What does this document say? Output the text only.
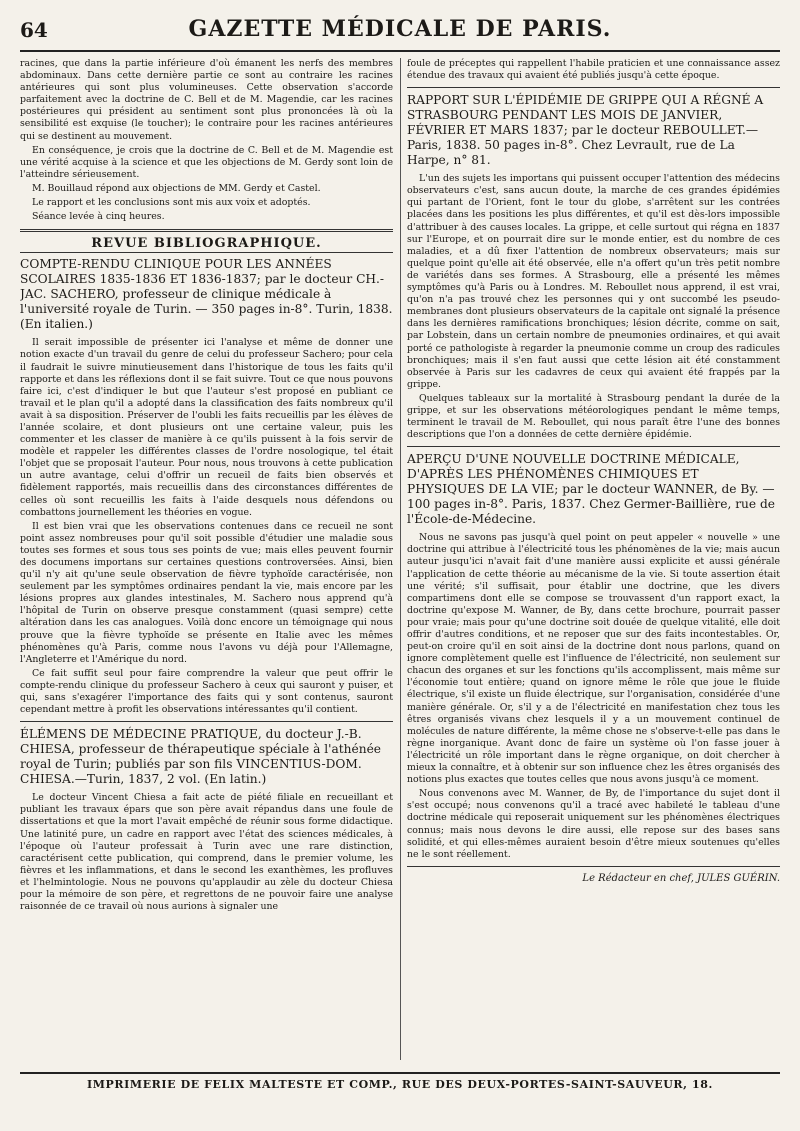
GAZETTE MÉDICALE DE PARIS.
64

racines, que dans la partie inférieure d'où émanent les nerfs des membres abdominaux. Dans cette dernière partie ce sont au contraire les racines antérieures qui sont plus volumineuses. Cette observation s'accorde parfaitement avec la doctrine de C. Bell et de M. Magendie, car les racines postérieures qui président au sentiment sont plus prononcées là où la sensibilité est exquise (le toucher); le contraire pour les racines antérieures qui se destinent au mouvement.

En conséquence, je crois que la doctrine de C. Bell et de M. Magendie est une vérité acquise à la science et que les objections de M. Gerdy sont loin de l'atteindre sérieusement.

M. Bouillaud répond aux objections de MM. Gerdy et Castel.

Le rapport et les conclusions sont mis aux voix et adoptés.

Séance levée à cinq heures.

REVUE BIBLIOGRAPHIQUE.
COMPTE-RENDU CLINIQUE POUR LES ANNÉES SCOLAIRES 1835-1836 ET 1836-1837; par le docteur CH.-JAC. SACHERO, professeur de clinique médicale à l'université royale de Turin. — 350 pages in-8°. Turin, 1838. (En italien.)

Il serait impossible de présenter ici l'analyse et même de donner une notion exacte d'un travail du genre de celui du professeur Sachero; pour cela il faudrait le suivre minutieusement dans l'historique de tous les faits qu'il rapporte et dans les réflexions dont il se fait suivre. Tout ce que nous pouvons faire ici, c'est d'indiquer le but que l'auteur s'est proposé en publiant ce travail et le plan qu'il a adopté dans la classification des faits nombreux qu'il avait à sa disposition. Préserver de l'oubli les faits recueillis par les élèves de l'année scolaire, et dont plusieurs ont une certaine valeur, puis les commenter et les classer de manière à ce qu'ils puissent à la fois servir de modèle et rappeler les différentes classes de l'ordre nosologique, tel était l'objet que se proposait l'auteur. Pour nous, nous trouvons à cette publication un autre avantage, celui d'offrir un recueil de faits bien observés et fidèlement rapportés, mais recueillis dans des circonstances différentes de celles où sont recueillis les faits à l'aide desquels nous défendons ou combattons journellement les théories en vogue.

Il est bien vrai que les observations contenues dans ce recueil ne sont point assez nombreuses pour qu'il soit possible d'étudier une maladie sous toutes ses formes et sous tous ses points de vue; mais elles peuvent fournir des documens importans sur certaines questions controversées. Ainsi, bien qu'il n'y ait qu'une seule observation de fièvre typhoïde caractérisée, non seulement par les symptômes ordinaires pendant la vie, mais encore par les lésions propres aux glandes intestinales, M. Sachero nous apprend qu'à l'hôpital de Turin on observe presque constamment (quasi sempre) cette altération dans les cas analogues. Voilà donc encore un témoignage qui nous prouve que la fièvre typhoïde se présente en Italie avec les mêmes phénomènes qu'à Paris, comme nous l'avons vu déjà pour l'Allemagne, l'Angleterre et l'Amérique du nord.

Ce fait suffit seul pour faire comprendre la valeur que peut offrir le compte-rendu clinique du professeur Sachero à ceux qui sauront y puiser, et qui, sans s'exagérer l'importance des faits qui y sont contenus, sauront cependant mettre à profit les observations intéressantes qu'il contient.

ÉLÉMENS DE MÉDECINE PRATIQUE, du docteur J.-B. CHIESA, professeur de thérapeutique spéciale à l'athénée royal de Turin; publiés par son fils VINCENTIUS-DOM. CHIESA.—Turin, 1837, 2 vol. (En latin.)

Le docteur Vincent Chiesa a fait acte de piété filiale en recueillant et publiant les travaux épars que son père avait répandus dans une foule de dissertations et que la mort l'avait empêché de réunir sous forme didactique. Une latinité pure, un cadre en rapport avec l'état des sciences médicales, à l'époque où l'auteur professait à Turin avec une rare distinction, caractérisent cette publication, qui comprend, dans le premier volume, les fièvres et les inflammations, et dans le second les exanthèmes, les profluves et l'helmintologie. Nous ne pouvons qu'applaudir au zèle du docteur Chiesa pour la mémoire de son père, et regrettons de ne pouvoir faire une analyse raisonnée de ce travail où nous aurions à signaler une

foule de préceptes qui rappellent l'habile praticien et une connaissance assez étendue des travaux qui avaient été publiés jusqu'à cette époque.

RAPPORT SUR L'ÉPIDÉMIE DE GRIPPE QUI A RÉGNÉ A STRASBOURG PENDANT LES MOIS DE JANVIER, FÉVRIER ET MARS 1837; par le docteur REBOULLET.—Paris, 1838. 50 pages in-8°. Chez Levrault, rue de La Harpe, n° 81.

L'un des sujets les importans qui puissent occuper l'attention des médecins observateurs c'est, sans aucun doute, la marche de ces grandes épidémies qui partant de l'Orient, font le tour du globe, s'arrêtent sur les contrées placées dans les positions les plus différentes, et qu'il est dès-lors impossible d'attribuer à des causes locales. La grippe, et celle surtout qui régna en 1837 sur l'Europe, et on pourrait dire sur le monde entier, est du nombre de ces maladies, et a dû fixer l'attention de nombreux observateurs; mais sur quelque point qu'elle ait été observée, elle n'a offert qu'un très petit nombre de variétés dans ses formes. A Strasbourg, elle a présenté les mêmes symptômes qu'à Paris ou à Londres. M. Reboullet nous apprend, il est vrai, qu'on n'a pas trouvé chez les personnes qui y ont succombé les pseudo-membranes dont plusieurs observateurs de la capitale ont signalé la présence dans les dernières ramifications bronchiques; lésion décrite, comme on sait, par Lobstein, dans un certain nombre de pneumonies ordinaires, et qui avait porté ce pathologiste à regarder la pneumonie comme un croup des radicules bronchiques; mais il s'en faut aussi que cette lésion ait été constamment observée à Paris sur les cadavres de ceux qui avaient été frappés par la grippe.

Quelques tableaux sur la mortalité à Strasbourg pendant la durée de la grippe, et sur les observations météorologiques pendant le même temps, terminent le travail de M. Reboullet, qui nous paraît être l'une des bonnes descriptions que l'on a données de cette dernière épidémie.

APERÇU D'UNE NOUVELLE DOCTRINE MÉDICALE, D'APRÈS LES PHÉNOMÈNES CHIMIQUES ET PHYSIQUES DE LA VIE; par le docteur WANNER, de By. — 100 pages in-8°. Paris, 1837. Chez Germer-Baillière, rue de l'École-de-Médecine.

Nous ne savons pas jusqu'à quel point on peut appeler « nouvelle » une doctrine qui attribue à l'électricité tous les phénomènes de la vie; mais aucun auteur jusqu'ici n'avait fait d'une manière aussi explicite et aussi générale l'application de cette théorie au mécanisme de la vie. Si toute assertion était une vérité; s'il suffisait, pour établir une doctrine, que les divers compartimens dont elle se compose se trouvassent d'un rapport exact, la doctrine qu'expose M. Wanner, de By, dans cette brochure, pourrait passer pour vraie; mais pour qu'une doctrine soit douée de quelque vitalité, elle doit offrir d'autres conditions, et ne reposer que sur des faits incontestables. Or, peut-on croire qu'il en soit ainsi de la doctrine dont nous parlons, quand on ignore complètement quelle est l'influence de l'électricité, non seulement sur chacun des organes et sur les fonctions qu'ils accomplissent, mais même sur l'économie tout entière; quand on ignore même le rôle que joue le fluide électrique, s'il existe un fluide électrique, sur l'organisation, considérée d'une manière générale. Or, s'il y a de l'électricité en manifestation chez tous les êtres organisés vivans chez lesquels il y a un mouvement continuel de molécules de nature différente, la même chose ne s'observe-t-elle pas dans le règne inorganique. Avant donc de faire un système où l'on fasse jouer à l'électricité un rôle important dans le règne organique, on doit chercher à mieux la connaître, et à obtenir sur son influence chez les êtres organisés des notions plus exactes que toutes celles que nous avons jusqu'à ce moment.

Nous convenons avec M. Wanner, de By, de l'importance du sujet dont il s'est occupé; nous convenons qu'il a tracé avec habileté le tableau d'une doctrine médicale qui reposerait uniquement sur les phénomènes électriques connus; mais nous devons le dire aussi, elle repose sur des bases sans solidité, et qui elles-mêmes auraient besoin d'être mieux soutenues qu'elles ne le sont réellement.

Le Rédacteur en chef, JULES GUÉRIN.
IMPRIMERIE DE FELIX MALTESTE ET COMP., RUE DES DEUX-PORTES-SAINT-SAUVEUR, 18.
